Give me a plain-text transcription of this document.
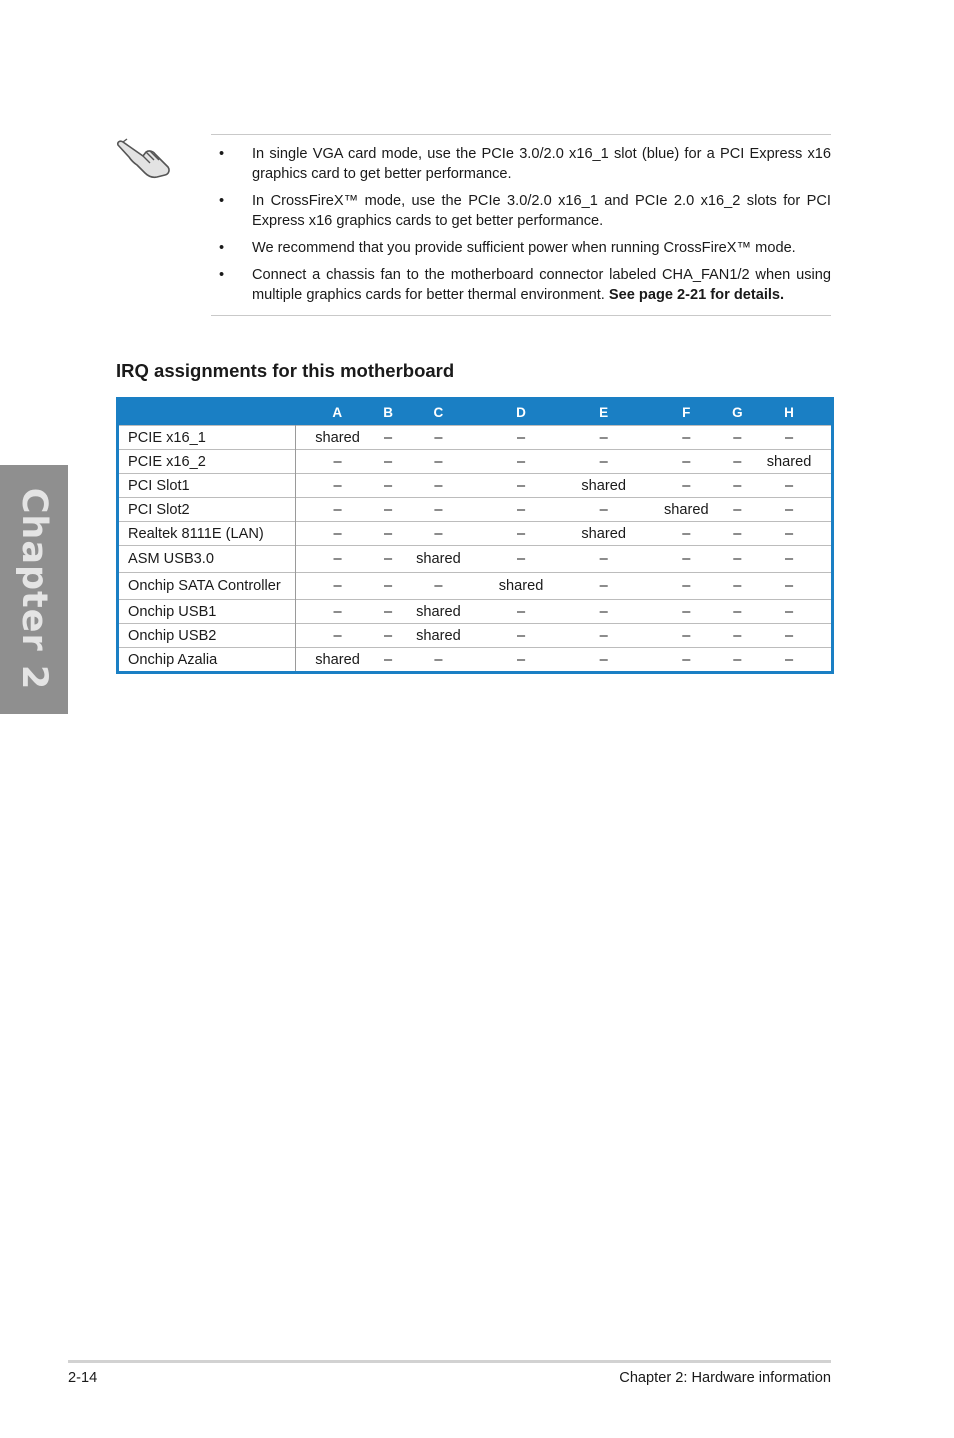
Chapter 2
• In single VGA card mode, use the PCIe 3.0/2.0 x16_1 slot (blue) for a PCI Express x16 graphics card to get better performance.
• In CrossFireX™ mode, use the PCIe 3.0/2.0 x16_1 and PCIe 2.0 x16_2 slots for PCI Express x16 graphics cards to get better performance.
• We recommend that you provide sufficient power when running CrossFireX™ mode.
• Connect a chassis fan to the motherboard connector labeled CHA_FAN1/2 when using multiple graphics cards for better thermal environment. See page 2-21 for details.
IRQ assignments for this motherboard
	A	B	C	D	E	F	G	H
PCIE x16_1	shared	–	–	–	–	–	–	–
PCIE x16_2	–	–	–	–	–	–	–	shared
PCI Slot1	–	–	–	–	shared	–	–	–
PCI Slot2	–	–	–	–	–	shared	–	–
Realtek 8111E (LAN)	–	–	–	–	shared	–	–	–
ASM USB3.0	–	–	shared	–	–	–	–	–
Onchip SATA Controller	–	–	–	shared	–	–	–	–
Onchip USB1	–	–	shared	–	–	–	–	–
Onchip USB2	–	–	shared	–	–	–	–	–
Onchip Azalia	shared	–	–	–	–	–	–	–
2-14	Chapter 2: Hardware information
